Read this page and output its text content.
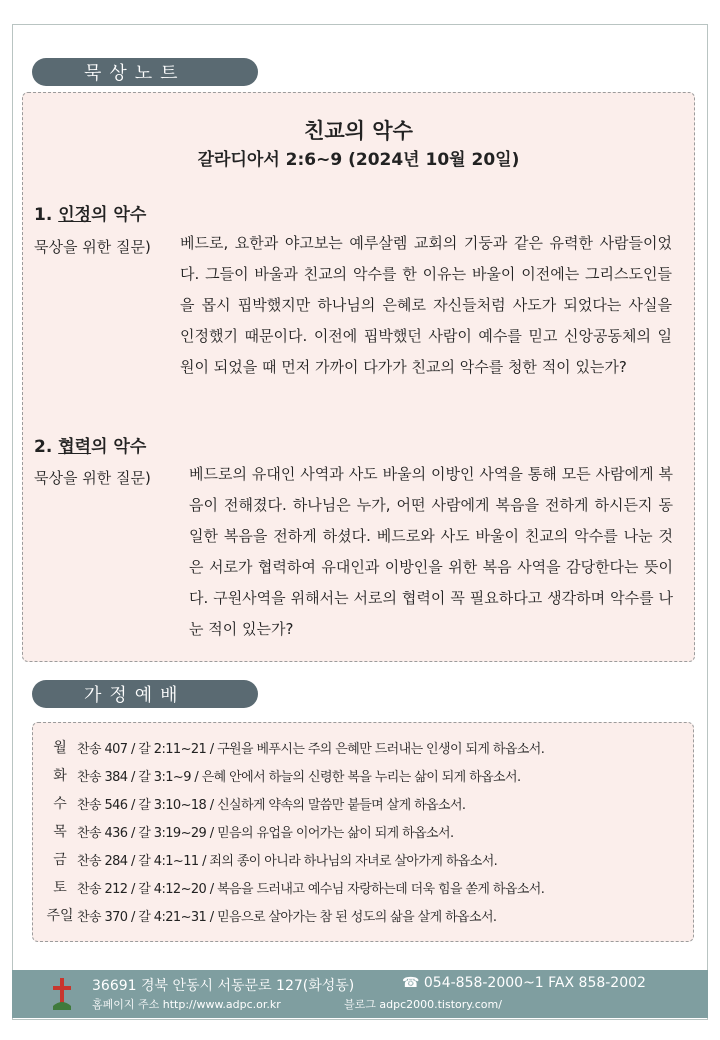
묵상노트
친교의 악수
갈라디아서 2:6~9 (2024년 10월 20일)
1. 인정의 악수
묵상을 위한 질문) 베드로, 요한과 야고보는 예루살렘 교회의 기둥과 같은 유력한 사람들이었다. 그들이 바울과 친교의 악수를 한 이유는 바울이 이전에는 그리스도인들을 몹시 핍박했지만 하나님의 은혜로 자신들처럼 사도가 되었다는 사실을 인정했기 때문이다. 이전에 핍박했던 사람이 예수를 믿고 신앙공동체의 일원이 되었을 때 먼저 가까이 다가가 친교의 악수를 청한 적이 있는가?
2. 협력의 악수
묵상을 위한 질문)	베드로의 유대인 사역과 사도 바울의 이방인 사역을 통해 모든 사람에게 복음이 전해졌다. 하나님은 누가, 어떤 사람에게 복음을 전하게 하시든지 동일한 복음을 전하게 하셨다. 베드로와 사도 바울이 친교의 악수를 나눈 것은 서로가 협력하여 유대인과 이방인을 위한 복음 사역을 감당한다는 뜻이다. 구원사역을 위해서는 서로의 협력이 꼭 필요하다고 생각하며 악수를 나눈 적이 있는가?
가정예배
월 찬송 407 / 갈 2:11~21 / 구원을 베푸시는 주의 은혜만 드러내는 인생이 되게 하옵소서.
화 찬송 384 / 갈 3:1~9 / 은혜 안에서 하늘의 신령한 복을 누리는 삶이 되게 하옵소서.
수 찬송 546 / 갈 3:10~18 / 신실하게 약속의 말씀만 붙들며 살게 하옵소서.
목 찬송 436 / 갈 3:19~29 / 믿음의 유업을 이어가는 삶이 되게 하옵소서.
금 찬송 284 / 갈 4:1~11 / 죄의 종이 아니라 하나님의 자녀로 살아가게 하옵소서.
토 찬송 212 / 갈 4:12~20 / 복음을 드러내고 예수님 자랑하는데 더욱 힘을 쏟게 하옵소서.
주일 찬송 370 / 갈 4:21~31 / 믿음으로 살아가는 참 된 성도의 삶을 살게 하옵소서.
36691 경북 안동시 서동문로 127(화성동)	☎ 054-858-2000~1 FAX 858-2002
홈페이지 주소 http://www.adpc.or.kr	블로그 adpc2000.tistory.com/
